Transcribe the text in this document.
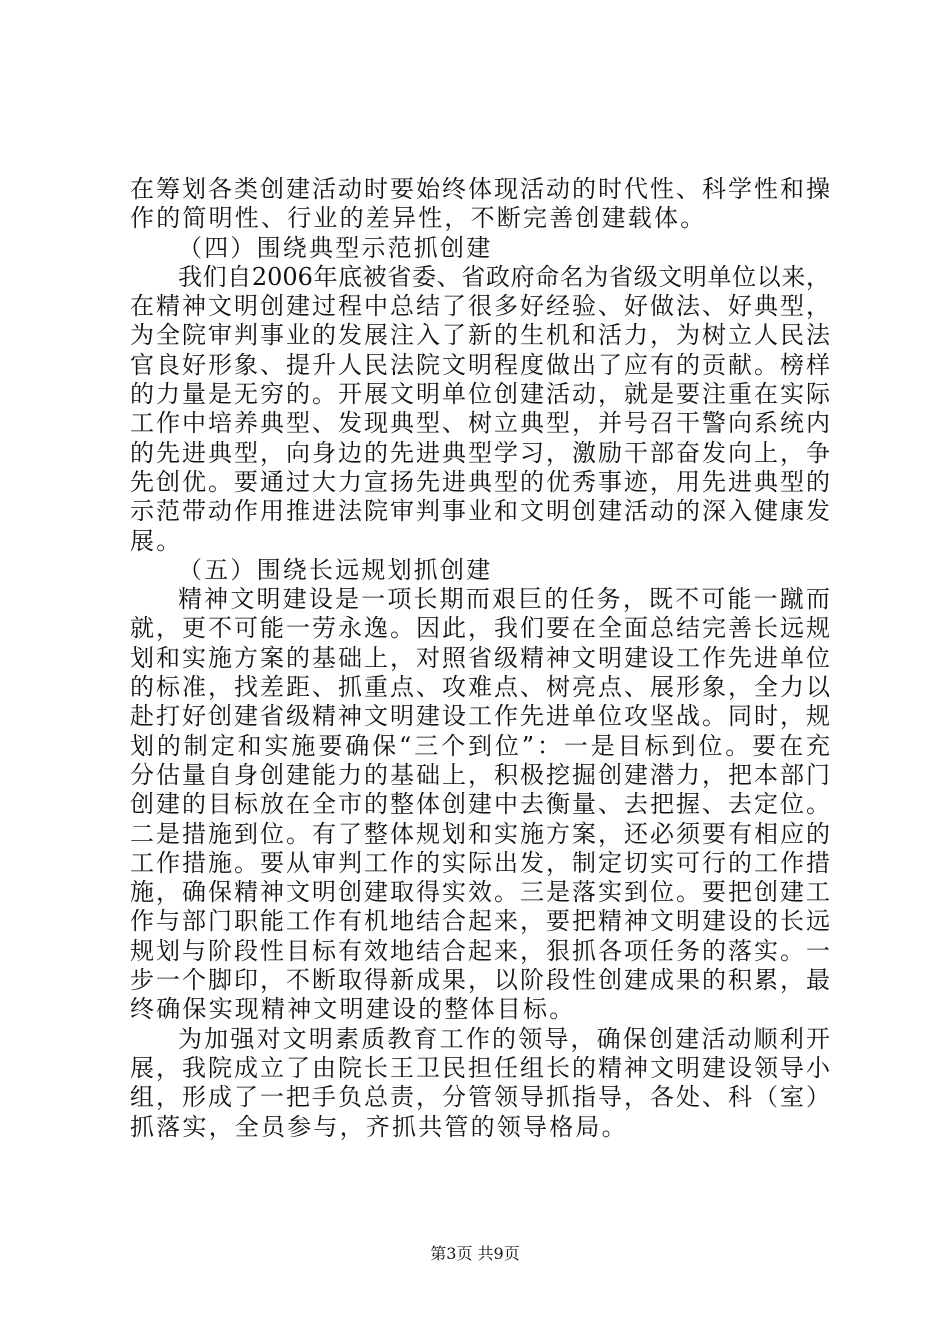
在筹划各类创建活动时要始终体现活动的时代性、科学性和操
作的简明性、行业的差异性，不断完善创建载体。
（四）围绕典型示范抓创建
我们自2006年底被省委、省政府命名为省级文明单位以来，
在精神文明创建过程中总结了很多好经验、好做法、好典型，
为全院审判事业的发展注入了新的生机和活力，为树立人民法
官良好形象、提升人民法院文明程度做出了应有的贡献。榜样
的力量是无穷的。开展文明单位创建活动，就是要注重在实际
工作中培养典型、发现典型、树立典型，并号召干警向系统内
的先进典型，向身边的先进典型学习，激励干部奋发向上，争
先创优。要通过大力宣扬先进典型的优秀事迹，用先进典型的
示范带动作用推进法院审判事业和文明创建活动的深入健康发
展。
（五）围绕长远规划抓创建
精神文明建设是一项长期而艰巨的任务，既不可能一蹴而
就，更不可能一劳永逸。因此，我们要在全面总结完善长远规
划和实施方案的基础上，对照省级精神文明建设工作先进单位
的标准，找差距、抓重点、攻难点、树亮点、展形象，全力以
赴打好创建省级精神文明建设工作先进单位攻坚战。同时，规
划的制定和实施要确保“三个到位”：一是目标到位。要在充
分估量自身创建能力的基础上，积极挖掘创建潜力，把本部门
创建的目标放在全市的整体创建中去衡量、去把握、去定位。
二是措施到位。有了整体规划和实施方案，还必须要有相应的
工作措施。要从审判工作的实际出发，制定切实可行的工作措
施，确保精神文明创建取得实效。三是落实到位。要把创建工
作与部门职能工作有机地结合起来，要把精神文明建设的长远
规划与阶段性目标有效地结合起来，狠抓各项任务的落实。一
步一个脚印，不断取得新成果，以阶段性创建成果的积累，最
终确保实现精神文明建设的整体目标。
为加强对文明素质教育工作的领导，确保创建活动顺利开
展，我院成立了由院长王卫民担任组长的精神文明建设领导小
组，形成了一把手负总责，分管领导抓指导，各处、科（室）
抓落实，全员参与，齐抓共管的领导格局。
第3页 共9页
